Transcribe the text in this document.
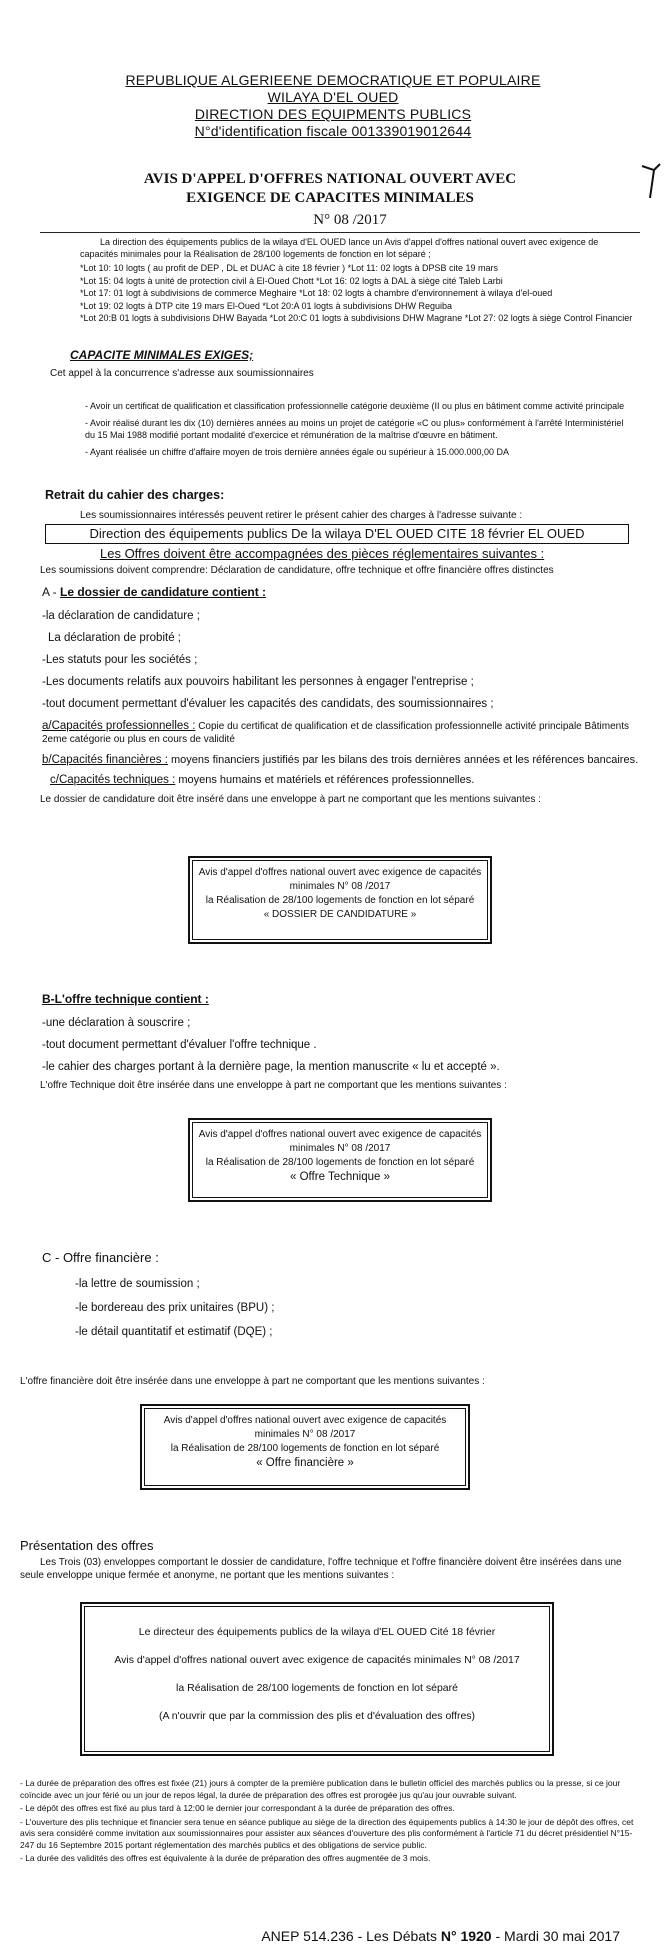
REPUBLIQUE ALGERIEENE DEMOCRATIQUE ET POPULAIRE
WILAYA D'EL OUED
DIRECTION DES EQUIPMENTS PUBLICS
N°d'identification fiscale 001339019012644
AVIS D'APPEL D'OFFRES NATIONAL OUVERT AVEC EXIGENCE DE CAPACITES MINIMALES
N° 08 /2017
La direction des équipements publics de la wilaya d'EL OUED lance un Avis d'appel d'offres national ouvert avec exigence de capacités minimales pour la Réalisation de 28/100 logements de fonction en lot séparé ;
*Lot 10: 10 logts ( au profit de DEP , DL et DUAC à cite 18 février ) *Lot 11: 02 logts à DPSB cite 19 mars
*Lot 15: 04 logts à unité de protection civil à El-Oued Chott *Lot 16: 02 logts à DAL à siège cité Taleb Larbi
*Lot 17: 01 logt à subdivisions de commerce Meghaire *Lot 18: 02 logts à chambre d'environnement à wilaya d'el-oued
*Lot 19: 02 logts à DTP cite 19 mars El-Oued *Lot 20:A 01 logts à subdivisions DHW Reguiba
*Lot 20:B 01 logts à subdivisions DHW Bayada *Lot 20:C 01 logts à subdivisions DHW Magrane *Lot 27: 02 logts à siège Control Financier
CAPACITE MINIMALES EXIGES;
Cet appel à la concurrence s'adresse aux soumissionnaires
- Avoir un certificat de qualification et classification professionnelle catégorie deuxième (II ou plus en bâtiment comme activité principale
- Avoir réalisé durant les dix (10) dernières années au moins un projet de catégorie «C ou plus» conformément à l'arrêté Interministériel du 15 Mai 1988 modifié portant modalité d'exercice et rémunération de la maîtrise d'œuvre en bâtiment.
- Ayant réalisée un chiffre d'affaire moyen de trois dernière années égale ou supérieur à 15.000.000,00 DA
Retrait du cahier des charges:
Les soumissionnaires intéressés peuvent retirer le présent cahier des charges à l'adresse suivante :
Direction des équipements publics De la wilaya D'EL OUED CITE 18 février EL OUED
Les Offres doivent être accompagnées des pièces réglementaires suivantes :
Les soumissions doivent comprendre: Déclaration de candidature, offre technique et offre financière offres distinctes
A - Le dossier de candidature contient :
-la déclaration de candidature ;
La déclaration de probité ;
-Les statuts pour les sociétés ;
-Les documents relatifs aux pouvoirs habilitant les personnes à engager l'entreprise ;
-tout document permettant d'évaluer les capacités des candidats, des soumissionnaires ;
a/Capacités professionnelles : Copie du certificat de qualification et de classification professionnelle activité principale Bâtiments 2eme catégorie ou plus en cours de validité
b/Capacités financières : moyens financiers justifiés par les bilans des trois dernières années et les références bancaires.
c/Capacités techniques : moyens humains et matériels et références professionnelles.
Le dossier de candidature doit être inséré dans une enveloppe à part ne comportant que les mentions suivantes :
Avis d'appel d'offres national ouvert avec exigence de capacités
minimales N° 08 /2017
la Réalisation de 28/100 logements de fonction en lot séparé
« DOSSIER DE CANDIDATURE »
B-L'offre technique contient :
-une déclaration à souscrire ;
-tout document permettant d'évaluer l'offre technique .
-le cahier des charges portant à la dernière page, la mention manuscrite « lu et accepté ».
L'offre Technique doit être insérée dans une enveloppe à part ne comportant que les mentions suivantes :
Avis d'appel d'offres national ouvert avec exigence de capacités
minimales N° 08 /2017
la Réalisation de 28/100 logements de fonction en lot séparé
« Offre Technique »
C - Offre financière :
-la lettre de soumission ;
-le bordereau des prix unitaires (BPU) ;
-le détail quantitatif et estimatif (DQE) ;
L'offre financière doit être insérée dans une enveloppe à part ne comportant que les mentions suivantes :
Avis d'appel d'offres national ouvert avec exigence de capacités
minimales N° 08 /2017
la Réalisation de 28/100 logements de fonction en lot séparé
« Offre financière »
Présentation des offres
Les Trois (03) enveloppes comportant le dossier de candidature, l'offre technique et l'offre financière doivent être insérées dans une seule enveloppe unique fermée et anonyme, ne portant que les mentions suivantes :
Le directeur des équipements publics de la wilaya d'EL OUED Cité 18 février
Avis d'appel d'offres national ouvert avec exigence de capacités minimales N° 08 /2017
la Réalisation de 28/100 logements de fonction en lot séparé
(A n'ouvrir que par la commission des plis et d'évaluation des offres)
- La durée de préparation des offres est fixée (21) jours à compter de la première publication dans le bulletin officiel des marchés publics ou la presse, si ce jour coïncide avec un jour férié ou un jour de repos légal, la durée de préparation des offres est prorogée jus qu'au jour ouvrable suivant.
- Le dépôt des offres est fixé au plus tard à 12:00 le dernier jour correspondant à la durée de préparation des offres.
- L'ouverture des plis technique et financier sera tenue en séance publique au siège de la direction des équipements publics à 14:30 le jour de dépôt des offres, cet avis sera considéré comme invitation aux soumissionnaires pour assister aux séances d'ouverture des plis conformément à l'article 71 du décret présidentiel N°15-247 du 16 Septembre 2015 portant réglementation des marchés publics et des obligations de service public.
- La durée des validités des offres est équivalente à la durée de préparation des offres augmentée de 3 mois.
ANEP 514.236 - Les Débats N° 1920 - Mardi 30 mai 2017
